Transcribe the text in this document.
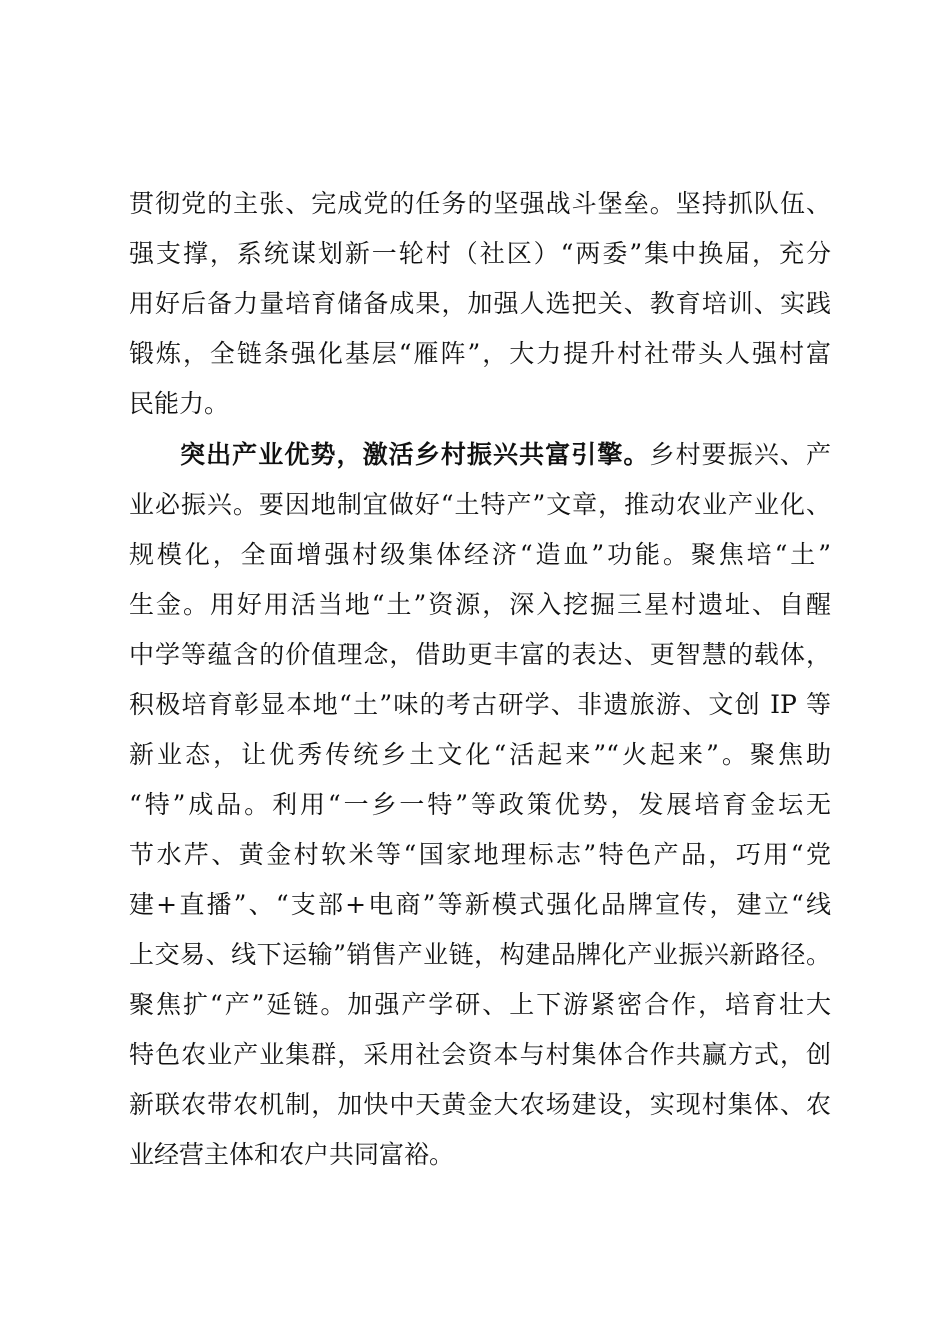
贯彻党的主张、完成党的任务的坚强战斗堡垒。坚持抓队伍、
强支撑，系统谋划新一轮村（社区）“两委”集中换届，充分
用好后备力量培育储备成果，加强人选把关、教育培训、实践
锻炼，全链条强化基层“雁阵”，大力提升村社带头人强村富
民能力。
突出产业优势，激活乡村振兴共富引擎。乡村要振兴、产
业必振兴。要因地制宜做好“土特产”文章，推动农业产业化、
规模化，全面增强村级集体经济“造血”功能。聚焦培“土”
生金。用好用活当地“土”资源，深入挖掘三星村遗址、自醒
中学等蕴含的价值理念，借助更丰富的表达、更智慧的载体，
积极培育彰显本地“土”味的考古研学、非遗旅游、文创 IP 等
新业态，让优秀传统乡土文化“活起来”“火起来”。聚焦助
“特”成品。利用“一乡一特”等政策优势，发展培育金坛无
节水芹、黄金村软米等“国家地理标志”特色产品，巧用“党
建+直播”、“支部+电商”等新模式强化品牌宣传，建立“线
上交易、线下运输”销售产业链，构建品牌化产业振兴新路径。
聚焦扩“产”延链。加强产学研、上下游紧密合作，培育壮大
特色农业产业集群，采用社会资本与村集体合作共赢方式，创
新联农带农机制，加快中天黄金大农场建设，实现村集体、农
业经营主体和农户共同富裕。
